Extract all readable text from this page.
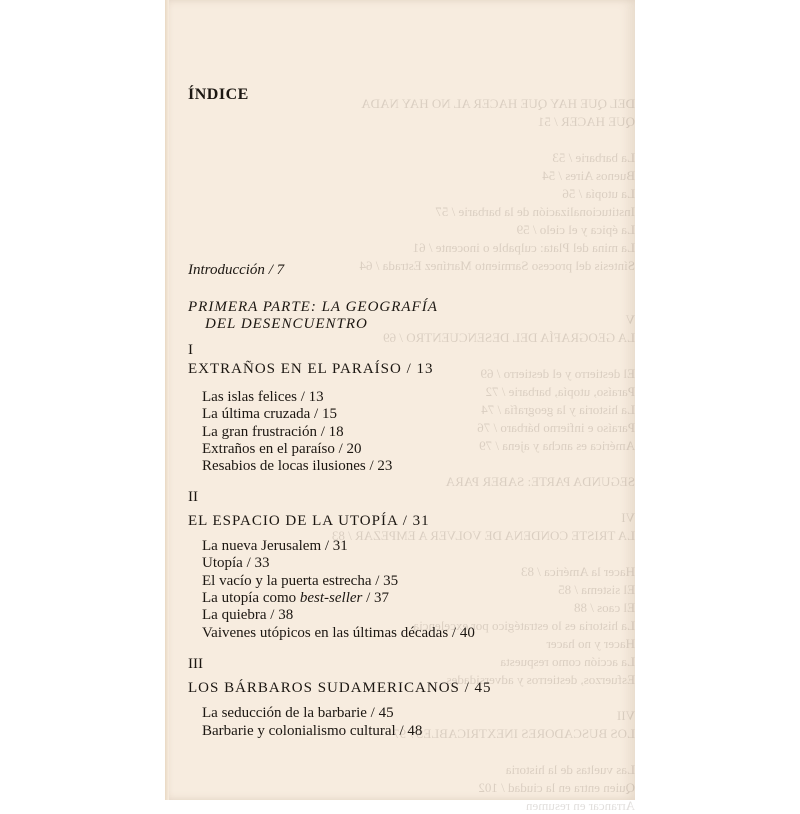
DEL QUE HAY QUE HACER AL NO HAY NADA
QUE HACER / 51

La barbarie / 53
Buenos Aires / 54
La utopía / 56
Institucionalización de la barbarie / 57
La épica y el cielo / 59
La mina del Plata: culpable o inocente / 61
Síntesis del proceso Sarmiento Martínez Estrada / 64

V
LA GEOGRAFÍA DEL DESENCUENTRO / 69

El destierro y el destierro / 69
Paraíso, utopía, barbarie / 72
La historia y la geografía / 74
Paraíso e infierno bárbaro / 76
América es ancha y ajena / 79

SEGUNDA PARTE: SABER PARA

VI
LA TRISTE CONDENA DE VOLVER A EMPEZAR / 83

Hacer la América / 83
El sistema / 85
El caos / 88
La historia es lo estratégico por excelencia
Hacer y no hacer
La acción como respuesta
Esfuerzos, destierros y adversidades

VII
LOS BUSCADORES INEXTRICABLES / 97

Las vueltas de la historia
Quien entra en la ciudad / 102
Arrancar en resumen
ÍNDICE
Introducción / 7
PRIMERA PARTE: LA GEOGRAFÍA
DEL DESENCUENTRO
I
EXTRAÑOS EN EL PARAÍSO / 13
Las islas felices / 13
La última cruzada / 15
La gran frustración / 18
Extraños en el paraíso / 20
Resabios de locas ilusiones / 23
II
EL ESPACIO DE LA UTOPÍA / 31
La nueva Jerusalem / 31
Utopía / 33
El vacío y la puerta estrecha / 35
La utopía como best-seller / 37
La quiebra / 38
Vaivenes utópicos en las últimas décadas / 40
III
LOS BÁRBAROS SUDAMERICANOS / 45
La seducción de la barbarie / 45
Barbarie y colonialismo cultural / 48
